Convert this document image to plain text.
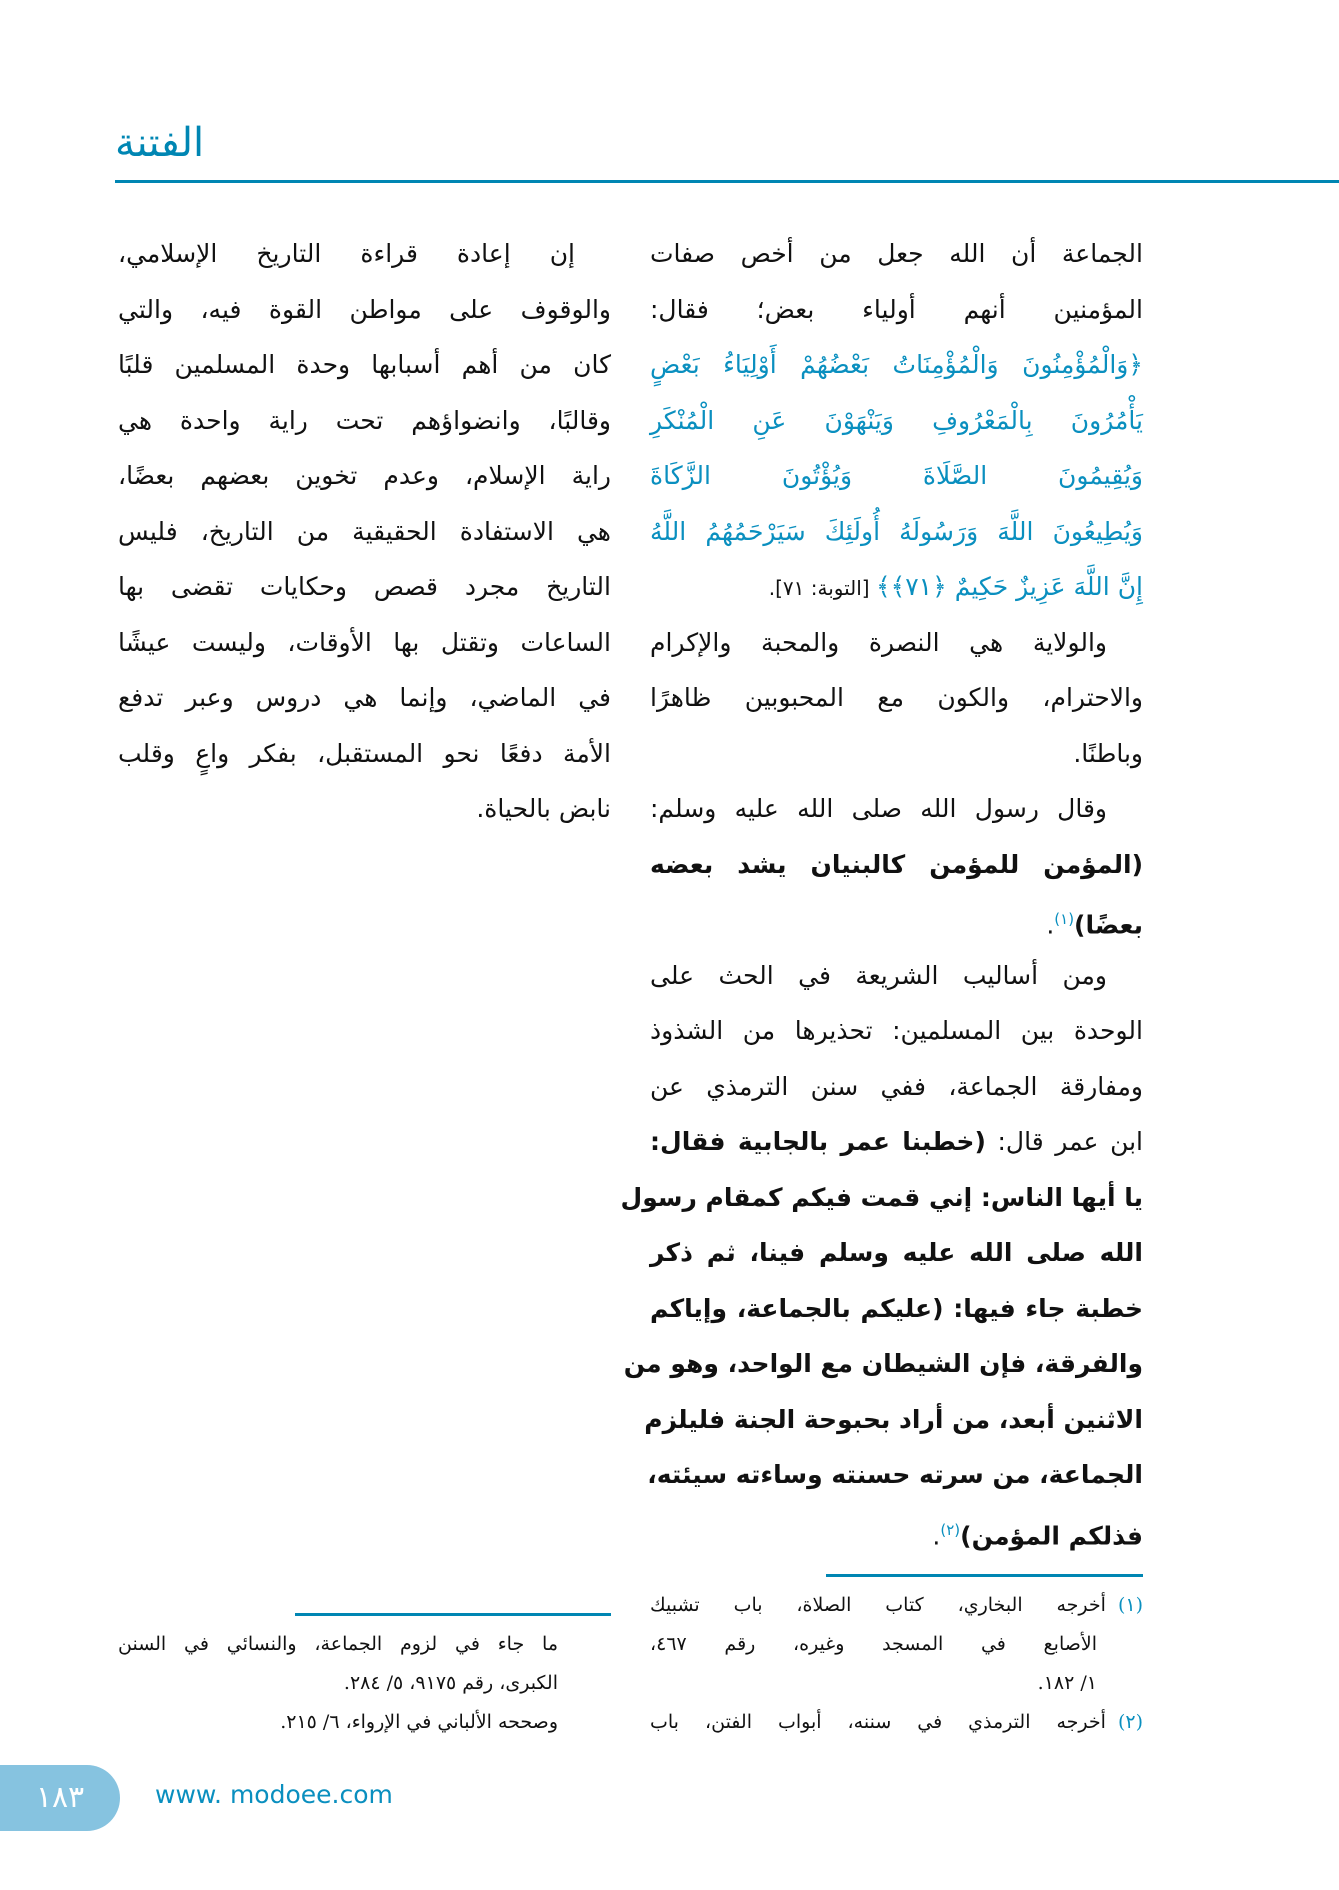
الفتنة
الجماعة أن الله جعل من أخص صفات
المؤمنين أنهم أولياء بعض؛ فقال:
﴿وَالْمُؤْمِنُونَ وَالْمُؤْمِنَاتُ بَعْضُهُمْ أَوْلِيَاءُ بَعْضٍ
يَأْمُرُونَ بِالْمَعْرُوفِ وَيَنْهَوْنَ عَنِ الْمُنْكَرِ
وَيُقِيمُونَ الصَّلَاةَ وَيُؤْتُونَ الزَّكَاةَ
وَيُطِيعُونَ اللَّهَ وَرَسُولَهُ أُولَئِكَ سَيَرْحَمُهُمُ اللَّهُ
إِنَّ اللَّهَ عَزِيزٌ حَكِيمٌ ﴿٧١﴾﴾ [التوبة: ٧١].
والولاية هي النصرة والمحبة والإكرام
والاحترام، والكون مع المحبوبين ظاهرًا
وباطنًا.
وقال رسول الله صلى الله عليه وسلم:
(المؤمن للمؤمن كالبنيان يشد بعضه
بعضًا)$^{(١)}$.
ومن أساليب الشريعة في الحث على
الوحدة بين المسلمين: تحذيرها من الشذوذ
ومفارقة الجماعة، ففي سنن الترمذي عن
ابن عمر قال: (خطبنا عمر بالجابية فقال:
يا أيها الناس: إني قمت فيكم كمقام رسول
الله صلى الله عليه وسلم فينا، ثم ذكر
خطبة جاء فيها: (عليكم بالجماعة، وإياكم
والفرقة، فإن الشيطان مع الواحد، وهو من
الاثنين أبعد، من أراد بحبوحة الجنة فليلزم
الجماعة، من سرته حسنته وساءته سيئته،
فذلكم المؤمن)$^{(٢)}$.
إن إعادة قراءة التاريخ الإسلامي،
والوقوف على مواطن القوة فيه، والتي
كان من أهم أسبابها وحدة المسلمين قلبًا
وقالبًا، وانضواؤهم تحت راية واحدة هي
راية الإسلام، وعدم تخوين بعضهم بعضًا،
هي الاستفادة الحقيقية من التاريخ، فليس
التاريخ مجرد قصص وحكايات تقضى بها
الساعات وتقتل بها الأوقات، وليست عيشًا
في الماضي، وإنما هي دروس وعبر تدفع
الأمة دفعًا نحو المستقبل، بفكر واعٍ وقلب
نابض بالحياة.
(١)أخرجه البخاري، كتاب الصلاة، باب تشبيك
الأصابع في المسجد وغيره، رقم ٤٦٧،
١/ ١٨٢.
(٢)أخرجه الترمذي في سننه، أبواب الفتن، باب
ما جاء في لزوم الجماعة، والنسائي في السنن
الكبرى، رقم ٩١٧٥، ٥/ ٢٨٤.
وصححه الألباني في الإرواء، ٦/ ٢١٥.
١٨٣	www. modoee.com
